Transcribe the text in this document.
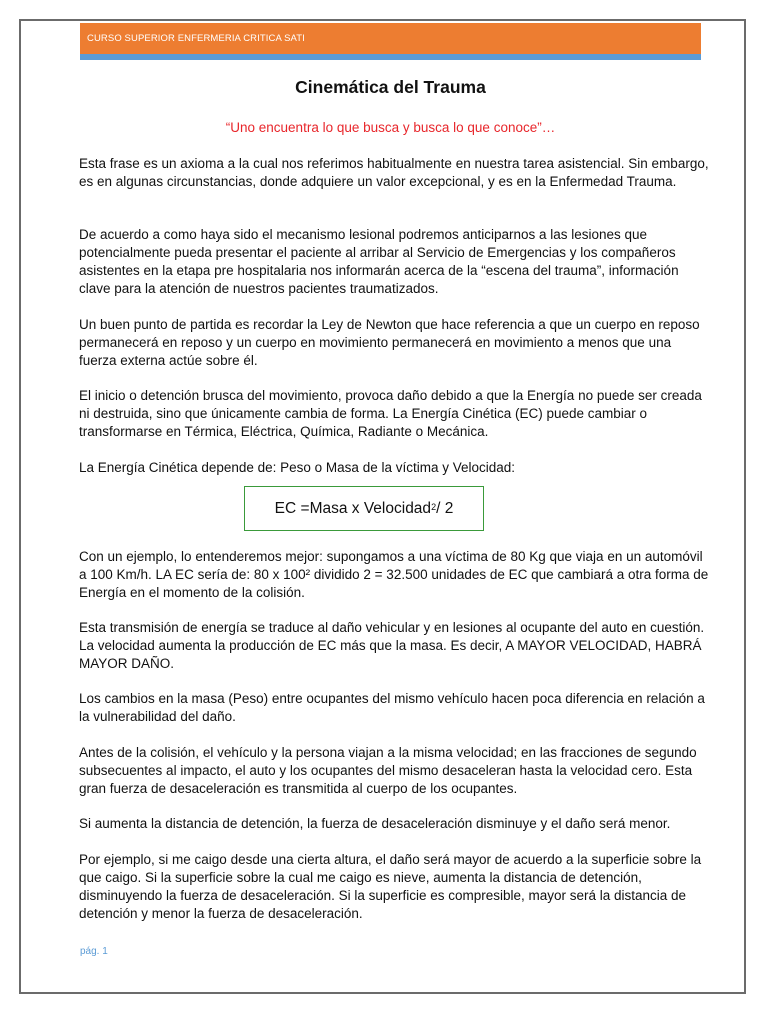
CURSO SUPERIOR ENFERMERIA CRITICA SATI
Cinemática del Trauma
“Uno encuentra lo que busca y busca lo que conoce”…

Esta frase es un axioma a la cual nos referimos habitualmente en nuestra tarea asistencial. Sin embargo, es en algunas circunstancias, donde adquiere un valor excepcional, y es en la Enfermedad Trauma.

De acuerdo a como haya sido el mecanismo lesional podremos anticiparnos a las lesiones que potencialmente pueda presentar el paciente al arribar al Servicio de Emergencias y los compañeros asistentes en la etapa pre hospitalaria nos informarán acerca de la “escena del trauma”, información clave para la atención de nuestros pacientes traumatizados.

Un buen punto de partida es recordar la Ley de Newton que hace referencia a que un cuerpo en reposo permanecerá en reposo y un cuerpo en movimiento permanecerá en movimiento a menos que una fuerza externa actúe sobre él.

El inicio o detención brusca del movimiento, provoca daño debido a que la Energía no puede ser creada ni destruida, sino que únicamente cambia de forma. La Energía Cinética (EC) puede cambiar o transformarse en Térmica, Eléctrica, Química, Radiante o Mecánica.

La Energía Cinética depende de: Peso o Masa de la víctima y Velocidad:

EC = Masa x Velocidad$^2$ / 2

Con un ejemplo, lo entenderemos mejor: supongamos a una víctima de 80 Kg que viaja en un automóvil a 100 Km/h. LA EC sería de: 80 x 100² dividido 2 = 32.500 unidades de EC que cambiará a otra forma de Energía en el momento de la colisión.

Esta transmisión de energía se traduce al daño vehicular y en lesiones al ocupante del auto en cuestión. La velocidad aumenta la producción de EC más que la masa. Es decir, A MAYOR VELOCIDAD, HABRÁ MAYOR DAÑO.

Los cambios en la masa (Peso) entre ocupantes del mismo vehículo hacen poca diferencia en relación a la vulnerabilidad del daño.

Antes de la colisión, el vehículo y la persona viajan a la misma velocidad; en las fracciones de segundo subsecuentes al impacto, el auto y los ocupantes del mismo desaceleran hasta la velocidad cero. Esta gran fuerza de desaceleración es transmitida al cuerpo de los ocupantes.

Si aumenta la distancia de detención, la fuerza de desaceleración disminuye y el daño será menor.

Por ejemplo, si me caigo desde una cierta altura, el daño será mayor de acuerdo a la superficie sobre la que caigo. Si la superficie sobre la cual me caigo es nieve, aumenta la distancia de detención, disminuyendo la fuerza de desaceleración. Si la superficie es compresible, mayor será la distancia de detención y menor la fuerza de desaceleración.

pág. 1
